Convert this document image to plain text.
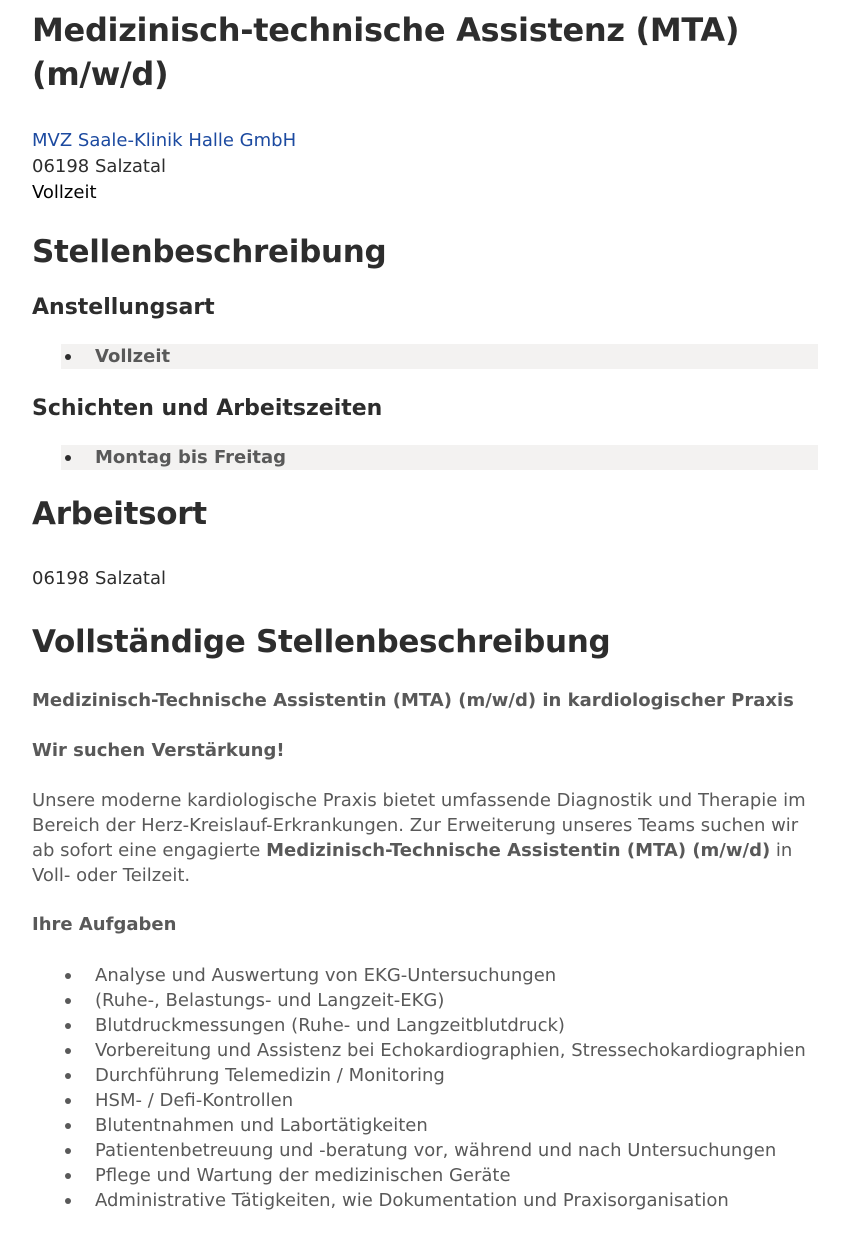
Medizinisch-technische Assistenz (MTA) (m/w/d)
MVZ Saale-Klinik Halle GmbH
06198 Salzatal
Vollzeit
Stellenbeschreibung
Anstellungsart
Vollzeit
Schichten und Arbeitszeiten
Montag bis Freitag
Arbeitsort
06198 Salzatal
Vollständige Stellenbeschreibung
Medizinisch-Technische Assistentin (MTA) (m/w/d) in kardiologischer Praxis
Wir suchen Verstärkung!
Unsere moderne kardiologische Praxis bietet umfassende Diagnostik und Therapie im Bereich der Herz-Kreislauf-Erkrankungen. Zur Erweiterung unseres Teams suchen wir ab sofort eine engagierte Medizinisch-Technische Assistentin (MTA) (m/w/d) in Voll- oder Teilzeit.
Ihre Aufgaben
Analyse und Auswertung von EKG-Untersuchungen
(Ruhe-, Belastungs- und Langzeit-EKG)
Blutdruckmessungen (Ruhe- und Langzeitblutdruck)
Vorbereitung und Assistenz bei Echokardiographien, Stressechokardiographien
Durchführung Telemedizin / Monitoring
HSM- / Defi-Kontrollen
Blutentnahmen und Labortätigkeiten
Patientenbetreuung und -beratung vor, während und nach Untersuchungen
Pflege und Wartung der medizinischen Geräte
Administrative Tätigkeiten, wie Dokumentation und Praxisorganisation
